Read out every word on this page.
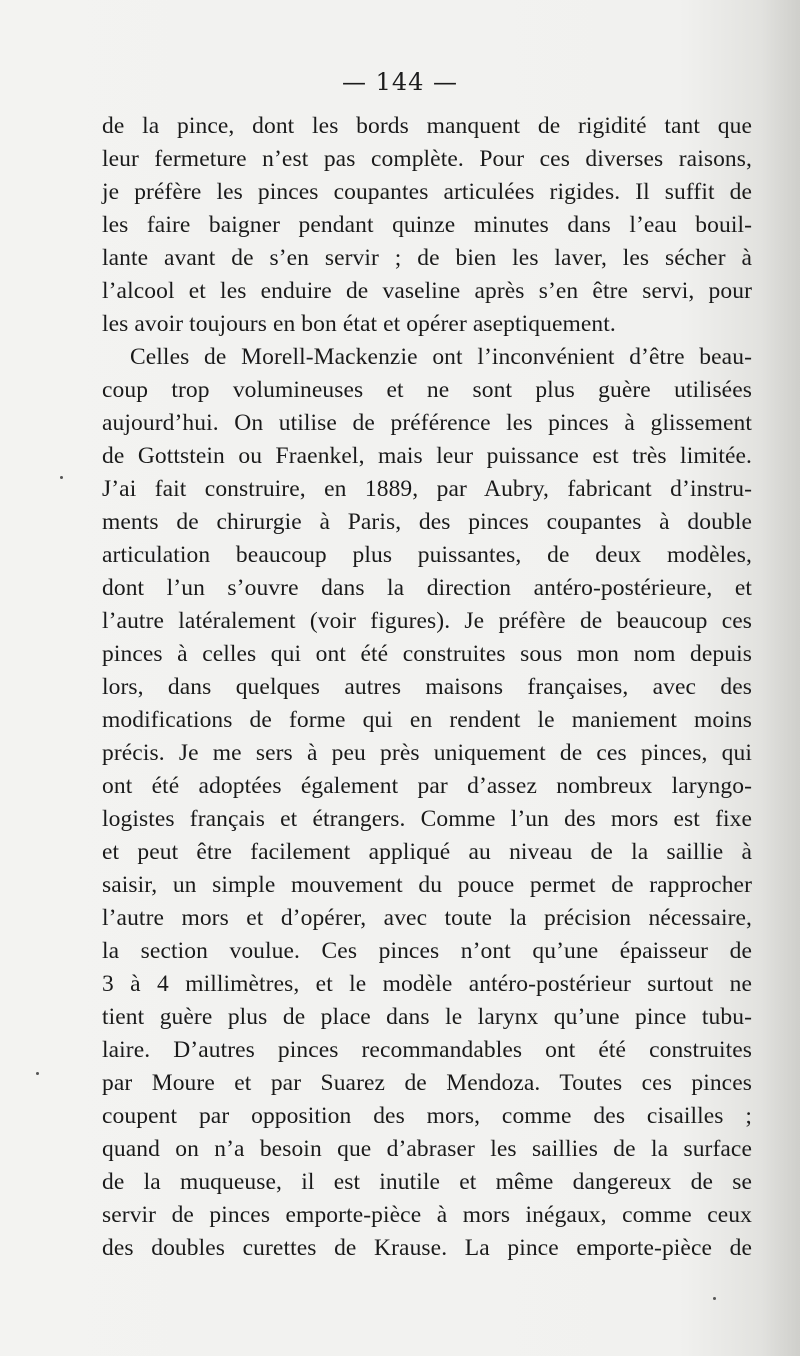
— 144 —
de la pince, dont les bords manquent de rigidité tant que
leur fermeture n’est pas complète. Pour ces diverses raisons,
je préfère les pinces coupantes articulées rigides. Il suffit de
les faire baigner pendant quinze minutes dans l’eau bouil-
lante avant de s’en servir ; de bien les laver, les sécher à
l’alcool et les enduire de vaseline après s’en être servi, pour
les avoir toujours en bon état et opérer aseptiquement.
Celles de Morell-Mackenzie ont l’inconvénient d’être beau-
coup trop volumineuses et ne sont plus guère utilisées
aujourd’hui. On utilise de préférence les pinces à glissement
de Gottstein ou Fraenkel, mais leur puissance est très limitée.
J’ai fait construire, en 1889, par Aubry, fabricant d’instru-
ments de chirurgie à Paris, des pinces coupantes à double
articulation beaucoup plus puissantes, de deux modèles,
dont l’un s’ouvre dans la direction antéro-postérieure, et
l’autre latéralement (voir figures). Je préfère de beaucoup ces
pinces à celles qui ont été construites sous mon nom depuis
lors, dans quelques autres maisons françaises, avec des
modifications de forme qui en rendent le maniement moins
précis. Je me sers à peu près uniquement de ces pinces, qui
ont été adoptées également par d’assez nombreux laryngo-
logistes français et étrangers. Comme l’un des mors est fixe
et peut être facilement appliqué au niveau de la saillie à
saisir, un simple mouvement du pouce permet de rapprocher
l’autre mors et d’opérer, avec toute la précision nécessaire,
la section voulue. Ces pinces n’ont qu’une épaisseur de
3 à 4 millimètres, et le modèle antéro-postérieur surtout ne
tient guère plus de place dans le larynx qu’une pince tubu-
laire. D’autres pinces recommandables ont été construites
par Moure et par Suarez de Mendoza. Toutes ces pinces
coupent par opposition des mors, comme des cisailles ;
quand on n’a besoin que d’abraser les saillies de la surface
de la muqueuse, il est inutile et même dangereux de se
servir de pinces emporte-pièce à mors inégaux, comme ceux
des doubles curettes de Krause. La pince emporte-pièce de
